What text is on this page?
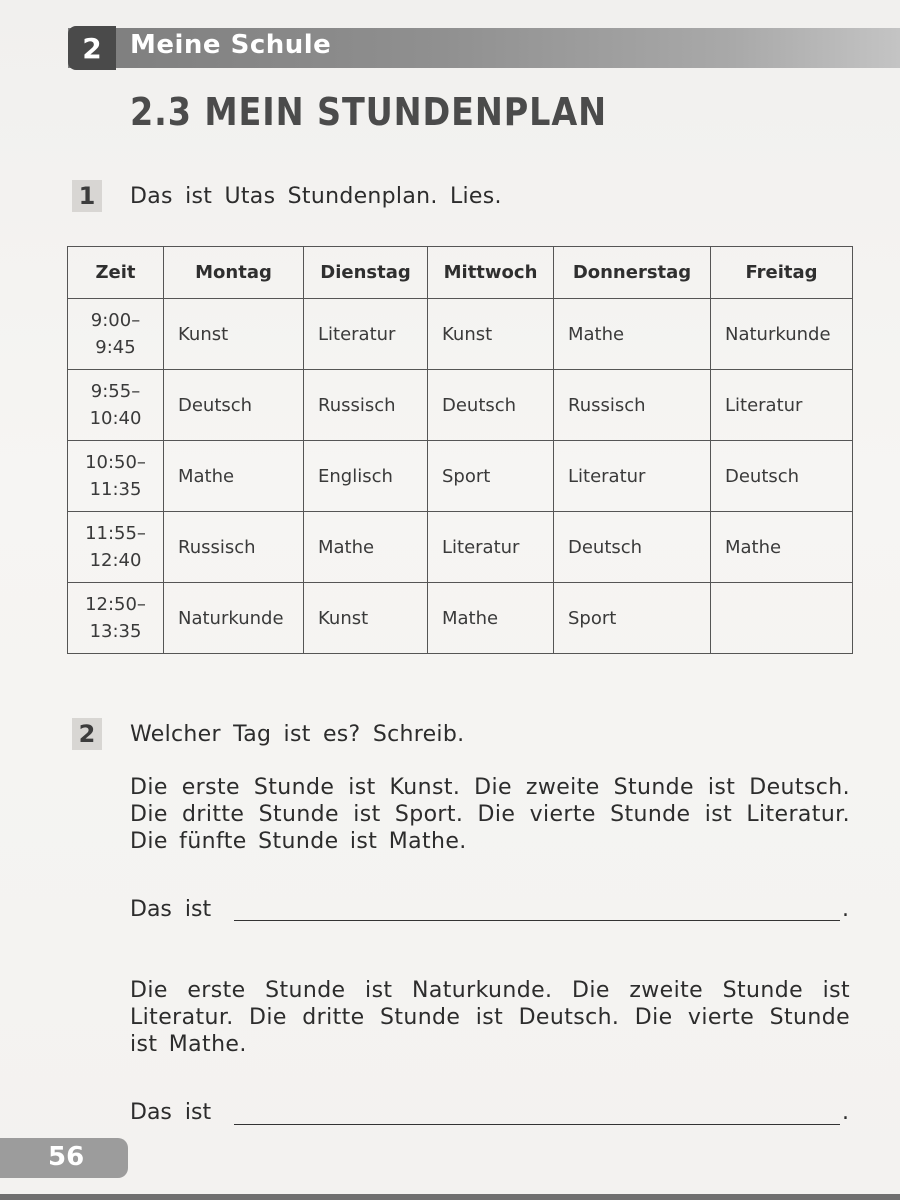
2	Meine Schule
2.3 MEIN STUNDENPLAN
1	Das ist Utas Stundenplan. Lies.
Zeit	Montag	Dienstag	Mittwoch	Donnerstag	Freitag
9:00–
9:45	Kunst	Literatur	Kunst	Mathe	Naturkunde
9:55–
10:40	Deutsch	Russisch	Deutsch	Russisch	Literatur
10:50–
11:35	Mathe	Englisch	Sport	Literatur	Deutsch
11:55–
12:40	Russisch	Mathe	Literatur	Deutsch	Mathe
12:50–
13:35	Naturkunde	Kunst	Mathe	Sport	
2	Welcher Tag ist es? Schreib.
Die erste Stunde ist Kunst. Die zweite Stunde ist Deutsch. Die dritte Stunde ist Sport. Die vierte Stunde ist Literatur. Die fünfte Stunde ist Mathe.
Das ist	.
Die erste Stunde ist Naturkunde. Die zweite Stunde ist Literatur. Die dritte Stunde ist Deutsch. Die vierte Stunde ist Mathe.
Das ist	.
56
